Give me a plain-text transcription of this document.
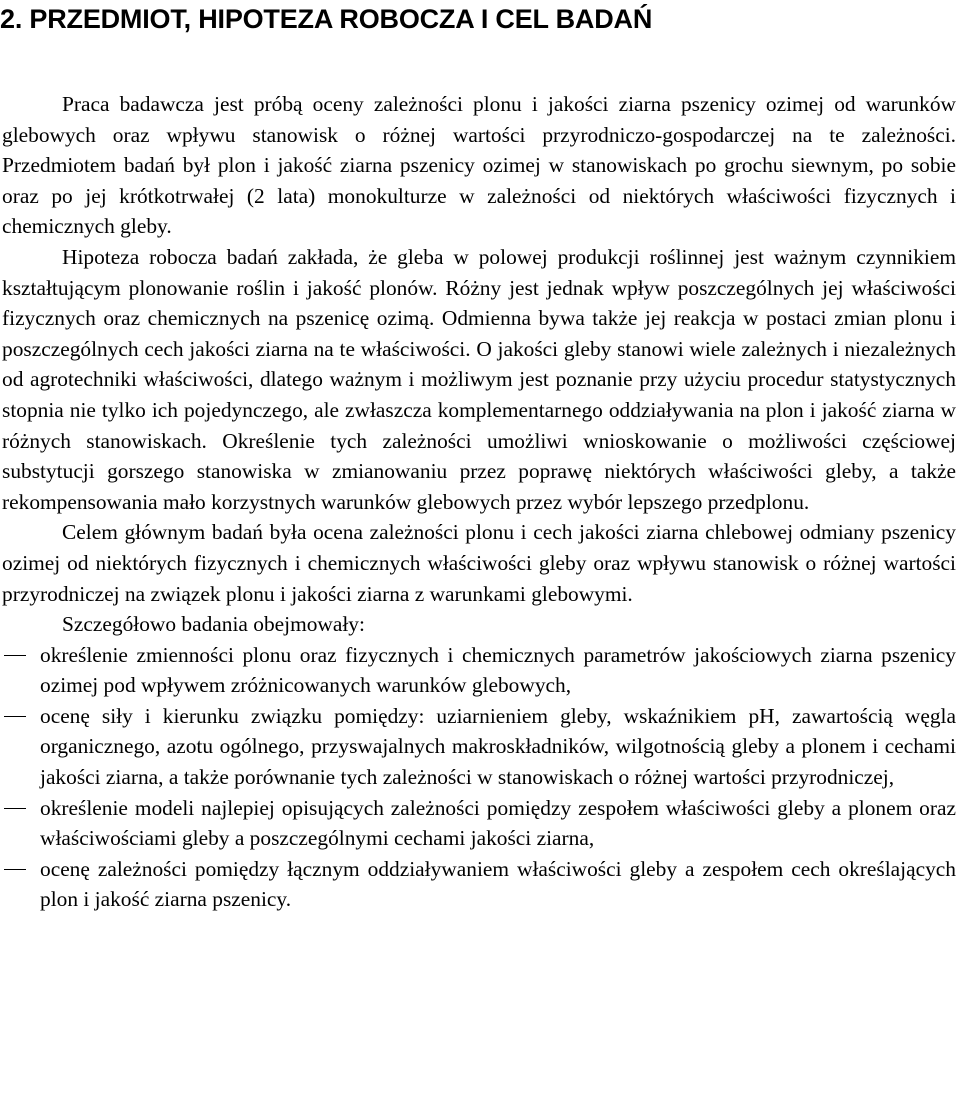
2. PRZEDMIOT, HIPOTEZA ROBOCZA I CEL BADAŃ

Praca badawcza jest próbą oceny zależności plonu i jakości ziarna pszenicy ozimej od warunków glebowych oraz wpływu stanowisk o różnej wartości przyrodniczo-gospodarczej na te zależności. Przedmiotem badań był plon i jakość ziarna pszenicy ozimej w stanowiskach po grochu siewnym, po sobie oraz po jej krótkotrwałej (2 lata) monokulturze w zależności od niektórych właściwości fizycznych i chemicznych gleby.

Hipoteza robocza badań zakłada, że gleba w polowej produkcji roślinnej jest ważnym czynnikiem kształtującym plonowanie roślin i jakość plonów. Różny jest jednak wpływ poszczególnych jej właściwości fizycznych oraz chemicznych na pszenicę ozimą. Odmienna bywa także jej reakcja w postaci zmian plonu i poszczególnych cech jakości ziarna na te właściwości. O jakości gleby stanowi wiele zależnych i niezależnych od agrotechniki właściwości, dlatego ważnym i możliwym jest poznanie przy użyciu procedur statystycznych stopnia nie tylko ich pojedynczego, ale zwłaszcza komplementarnego oddziaływania na plon i jakość ziarna w różnych stanowiskach. Określenie tych zależności umożliwi wnioskowanie o możliwości częściowej substytucji gorszego stanowiska w zmianowaniu przez poprawę niektórych właściwości gleby, a także rekompensowania mało korzystnych warunków glebowych przez wybór lepszego przedplonu.

Celem głównym badań była ocena zależności plonu i cech jakości ziarna chlebowej odmiany pszenicy ozimej od niektórych fizycznych i chemicznych właściwości gleby oraz wpływu stanowisk o różnej wartości przyrodniczej na związek plonu i jakości ziarna z warunkami glebowymi.

Szczegółowo badania obejmowały:

określenie zmienności plonu oraz fizycznych i chemicznych parametrów jakościowych ziarna pszenicy ozimej pod wpływem zróżnicowanych warunków glebowych,
ocenę siły i kierunku związku pomiędzy: uziarnieniem gleby, wskaźnikiem pH, zawartością węgla organicznego, azotu ogólnego, przyswajalnych makroskładników, wilgotnością gleby a plonem i cechami jakości ziarna, a także porównanie tych zależności w stanowiskach o różnej wartości przyrodniczej,
określenie modeli najlepiej opisujących zależności pomiędzy zespołem właściwości gleby a plonem oraz właściwościami gleby a poszczególnymi cechami jakości ziarna,
ocenę zależności pomiędzy łącznym oddziaływaniem właściwości gleby a zespołem cech określających plon i jakość ziarna pszenicy.
